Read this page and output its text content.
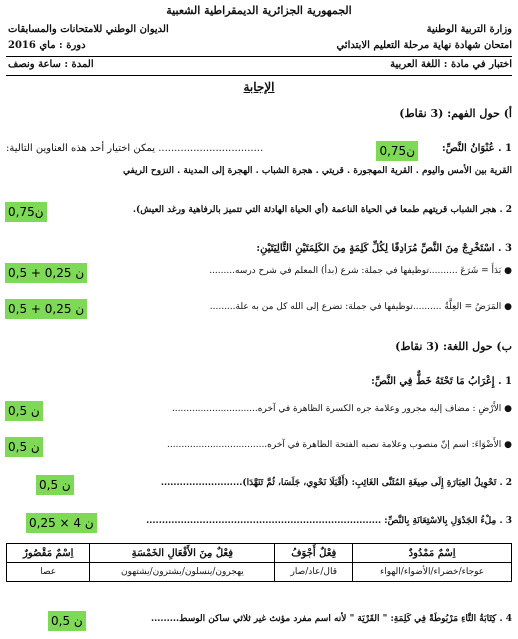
الجمهورية الجزائرية الديمقراطية الشعبية
وزارة التربية الوطنية
الديوان الوطني للامتحانات والمسابقات
امتحان شهادة نهاية مرحلة التعليم الابتدائي
دورة : ماي 2016
اختبار في مادة : اللغة العربية
المدة : ساعة ونصف
الإجابة
أ) حول الفهم: (3 نقاط)
1 . عُنْوَانُ النَّصِّ:
0,75ن
................................. يمكن اختيار أحد هذه العناوين التالية:
القرية بين الأمس واليوم . القرية المهجورة . قريتي . هجرة الشباب . الهجرة إلى المدينة . النزوح الريفي
2 . هجر الشباب قريتهم طمعا في الحياة الناعمة (أي الحياة الهادئة التي تتميز بالرفاهية ورغد العيش).
0,75ن
3 . اسْتَخْرِجْ مِنَ النَّصِّ مُرَادِفًا لِكُلِّ كَلِمَةٍ مِنَ الكَلِمَتَيْنِ التَّالِيَتَيْنِ:
● بَدَأَ = شَرَعَ ..........توظيفها في جملة: شرع (بدأ) المعلم في شرح درسه.........
0,5 + 0,25 ن
● المَرَضُ = العِلَّةُ ..........توظيفها في جملة: تضرع إلى الله كل من به علة.........
0,5 + 0,25 ن
ب) حول اللغة: (3 نقاط)
1 . إِعْرَابُ مَا تَحْتَهُ خَطٌّ فِي النَّصِّ:
● الأَرْضِ : مضاف إليه مجرور وعلامة جره الكسرة الظاهرة في آخره..............................
0,5 ن
● الأَضْوَاءَ: اسم إنّ منصوب وعلامة نصبه الفتحة الظاهرة في آخره...................................
0,5 ن
2 . تَحْوِيلُ العِبَارَةِ إِلَى صِيغَةِ المُثَنَّى الغَائِبِ: (أَقْبَلَا نَحْوِي، جَلَسَا، ثُمَّ تَنَهَّدَا)..........................
0,5 ن
3 . مِلْءُ الجَدْوَلِ بِالاسْتِعَانَةِ بِالنَّصِّ: ...........................................................................
0,25 × 4 ن
اِسْمٌ مَمْدُودٌ	فِعْلٌ أَجْوَفُ	فِعْلٌ مِنَ الأَفْعَالِ الخَمْسَةِ	اِسْمٌ مَقْصُورٌ
عوجاء/خضراء/الأضواء/الهواء	قال/عاد/صار	يهجرون/ينسلون/يشترون/يشتهون	عصا
4 . كِتَابَةُ التَّاءِ مَرْبُوطَةً فِي كَلِمَةِ: " القَرْيَة " لأنه اسم مفرد مؤنث غير ثلاثي ساكن الوسط.........
0,5 ن
